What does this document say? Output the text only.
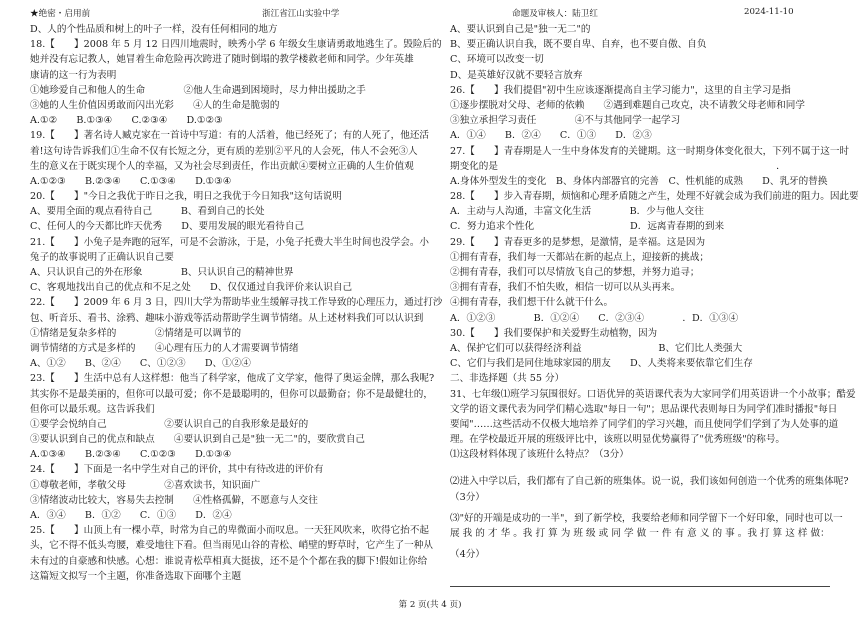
★绝密・启用前	浙江省江山实验中学	命题及审核人：陆卫红	2024-11-10
D、人的个性品质和树上的叶子一样，没有任何相同的地方
18.【　　】2008 年 5 月 12 日四川地震时，映秀小学 6 年级女生康请勇敢地逃生了。毁险后的
她并没有忘记教人，她冒着生命危险再次跨进了随时倒塌的教学楼救老师和同学。少年英雄
康请的这一行为表明
①她珍爱自己和他人的生命　　　　②他人生命遇到困境时，尽力伸出援助之手
③她的人生价值因勇敢而闪出光彩　　④人的生命是脆弱的
A.①②　　B.①③④　　C.②③④　　D.①②③
19.【　　】著名诗人臧克家在一首诗中写道：有的人活着，他已经死了；有的人死了，他还活
着!这句诗告诉我们①生命不仅有长短之分，更有质的差别②平凡的人会死，伟人不会死③人
生的意义在于既实现个人的幸福，又为社会尽到责任，作出贡献④要树立正确的人生价值观
A.①②③　　B.②③④　　C.①③④　　D.①③④
20.【　　】"今日之我优于昨日之我，明日之我优于今日知我"这句话说明
A、要用全面的观点看待自己　　　B、看到自己的长处
C、任何人的今天都比昨天优秀　　D、要用发展的眼光看待自己
21.【　　】小兔子是奔跑的冠军，可是不会游泳，于是，小兔子托费大半生时间也没学会。小
兔子的故事说明了正确认识自己要
A、只认识自己的外在形象　　　　B、只认识自己的精神世界
C、客观地找出自己的优点和不足之处　　D、仅仅通过自我评价来认识自己
22.【　　】2009 年 6 月 3 日，四川大学为帮助毕业生缓解寻找工作导致的心理压力，通过打沙
包、听音乐、看书、涂鸦、趣味小游戏等活动帮助学生调节情绪。从上述材料我们可以认识到
①情绪是复杂多样的　　　　②情绪是可以调节的
调节情绪的方式是多样的　　④心理有压力的人才需要调节情绪
A、①②　　B、②④　　C、①②③　　D、①②④
23.【　　】生活中总有人这样想：他当了科学家，他成了文学家，他得了奥运金牌，那么我呢?
其实你不是最美丽的，但你可以最可爱；你不是最聪明的，但你可以最勤奋；你不是最健壮的，
但你可以最乐观。这告诉我们
①要学会悦纳自己　　　　　　②要认识自己的自我形象是最好的
③要认识到自己的优点和缺点　　④要认识到自己是"独一无二"的，要欣赏自己
A.①③④　　B.②③④　　C.①②③　　D.①③④
24.【　　】下面是一名中学生对自己的评价，其中有待改进的评价有
①尊敬老师，孝敬父母　　　　②喜欢读书，知识面广
③情绪波动比较大，容易失去控制　　④性格孤僻，不愿意与人交往
A．③④　　B．①②　　C．①③　　D．②④
25.【　　】山顶上有一棵小草，时常为自己的卑微面小而叹息。一天狂风吹来，吹得它抬不起
头，它不得不低头弯腰，难受地往下看。但当雨见山谷的青松、峭壁的野草时，它产生了一种从
未有过的自豪感和快感。心想：谁说青松草相真大挺拔，还不是个个都在我的脚下!假如让你给
这篇短文拟写一个主题，你准备选取下面哪个主题
A、要认识到自己是"独一无二"的
B、要正确认识自我，既不要自卑、自弃，也不要自傲、自负
C、环境可以改变一切
D、是英雄好汉就不要轻言放弃
26.【　　】我们提倡"初中生应该逐渐提高自主学习能力"，这里的自主学习是指
①逐步摆脱对父母、老师的依赖　　②遇到难题自己攻克，决不请教父母老师和同学
③独立承担学习责任　　　　④不与其他同学一起学习
A．①④　　B．②④　　C．①③　　D．②③
27.【　　】青春期是人一生中身体发育的关键期。这一时期身体变化很大，下列不属于这一时
期变化的是　　　　　　　　　　　　　　　　　　　　　　　　　　　　　．
A.身体外型发生的变化　B、身体内部器官的完善　C、性机能的成熟　　D、乳牙的替换
28.【　　】步入青春期，烦恼和心理矛盾随之产生，处理不好就会成为我们前进的阻力。因此要
A．主动与人沟通，丰富文化生活　　　　B．少与他人交往
C．努力追求个性化　　　　　　　　　　D．远离青春期的到来
29.【　　】青春更多的是梦想，是激情，是幸福。这是因为
①拥有青春，我们每一天都站在新的起点上，迎接新的挑战；
②拥有青春，我们可以尽情放飞自己的梦想，并努力追寻；
③拥有青春，我们不怕失败，相信一切可以从头再来。
④拥有青春，我们想干什么就干什么。
A．①②③　　　　B．①②④　　C．②③④　　　　．D．①③④
30.【　　】我们要保护和关爱野生动植物，因为
A、保护它们可以获得经济利益　　　　　　　　B、它们比人类强大
C、它们与我们是同住地球家园的朋友　　D、人类将来要依靠它们生存
二、非选择题（共 55 分）
31、七年级⑴班学习氛围很好。口语优异的英语课代表为大家同学们用英语讲一个小故事；酷爱
文学的语文课代表为同学们精心选取"每日一句"；思品课代表则每日为同学们准时播报"每日
要闻"……这些活动不仅极大地培养了同学们的学习兴趣，而且使同学们学到了为人处事的道
理。在学校最近开展的班级评比中，该班以明显优势赢得了"优秀班级"的称号。
⑴这段材料体现了该班什么特点？（3分）
⑵进入中学以后，我们都有了自己新的班集体。说一说，我们该如何创造一个优秀的班集体呢?
（3分）
⑶"好的开端是成功的一半"，到了新学校，我要给老师和同学留下一个好印象，同时也可以一
展 我 的 才 华 。我 打 算 为 班 级 或 同 学 做 一 件 有 意 义 的 事 。我 打 算 这 样 做：
（4分）
第 2 页(共 4 页)
